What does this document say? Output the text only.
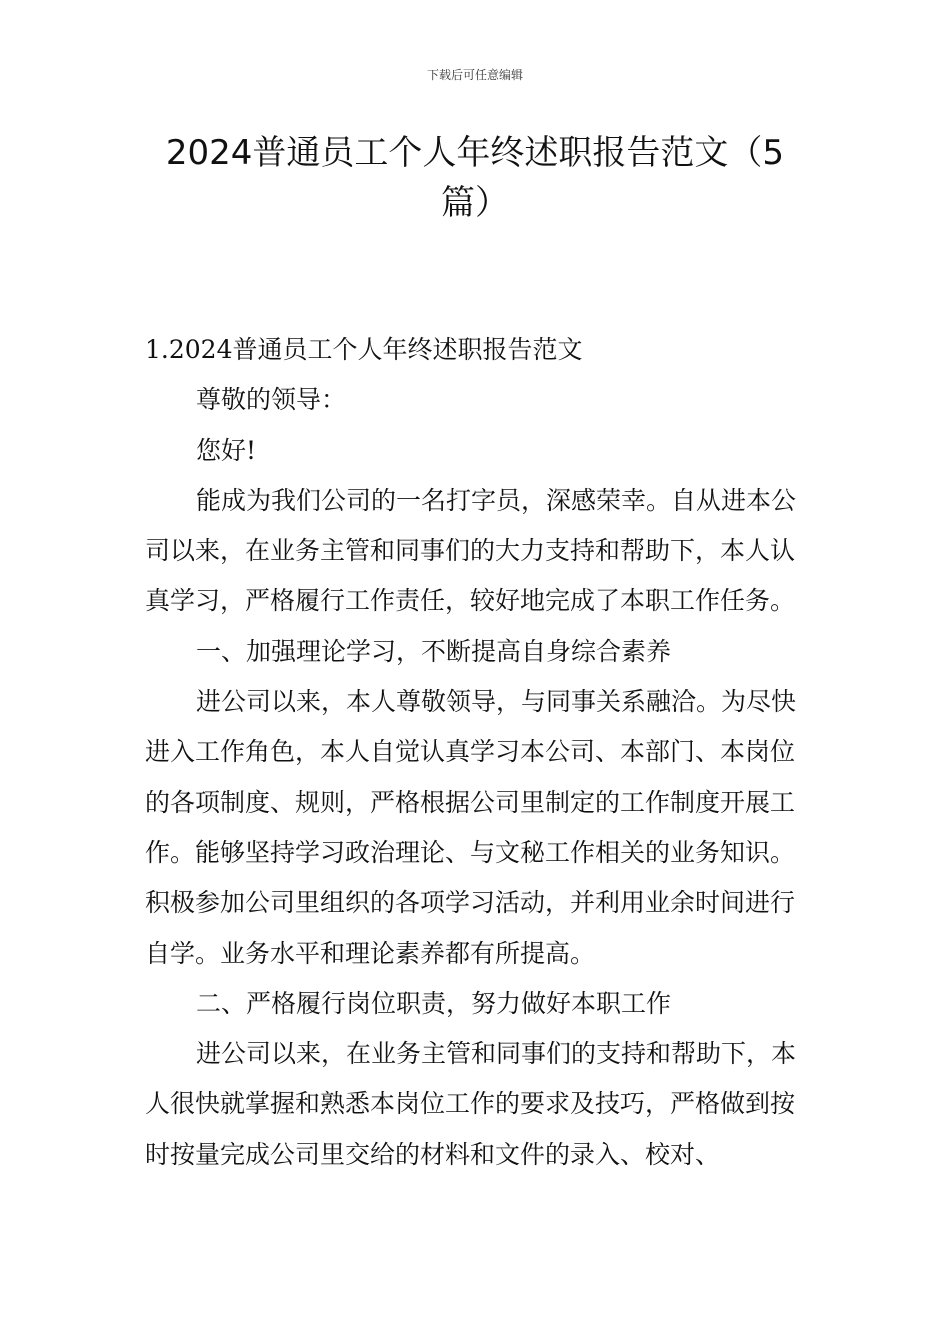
下载后可任意编辑
2024普通员工个人年终述职报告范文（5篇）

1.2024普通员工个人年终述职报告范文

尊敬的领导：

您好!

能成为我们公司的一名打字员，深感荣幸。自从进本公司以来，在业务主管和同事们的大力支持和帮助下，本人认真学习，严格履行工作责任，较好地完成了本职工作任务。

一、加强理论学习，不断提高自身综合素养

进公司以来，本人尊敬领导，与同事关系融洽。为尽快进入工作角色，本人自觉认真学习本公司、本部门、本岗位的各项制度、规则，严格根据公司里制定的工作制度开展工作。能够坚持学习政治理论、与文秘工作相关的业务知识。积极参加公司里组织的各项学习活动，并利用业余时间进行自学。业务水平和理论素养都有所提高。

二、严格履行岗位职责，努力做好本职工作

进公司以来，在业务主管和同事们的支持和帮助下，本人很快就掌握和熟悉本岗位工作的要求及技巧，严格做到按时按量完成公司里交给的材料和文件的录入、校对、
